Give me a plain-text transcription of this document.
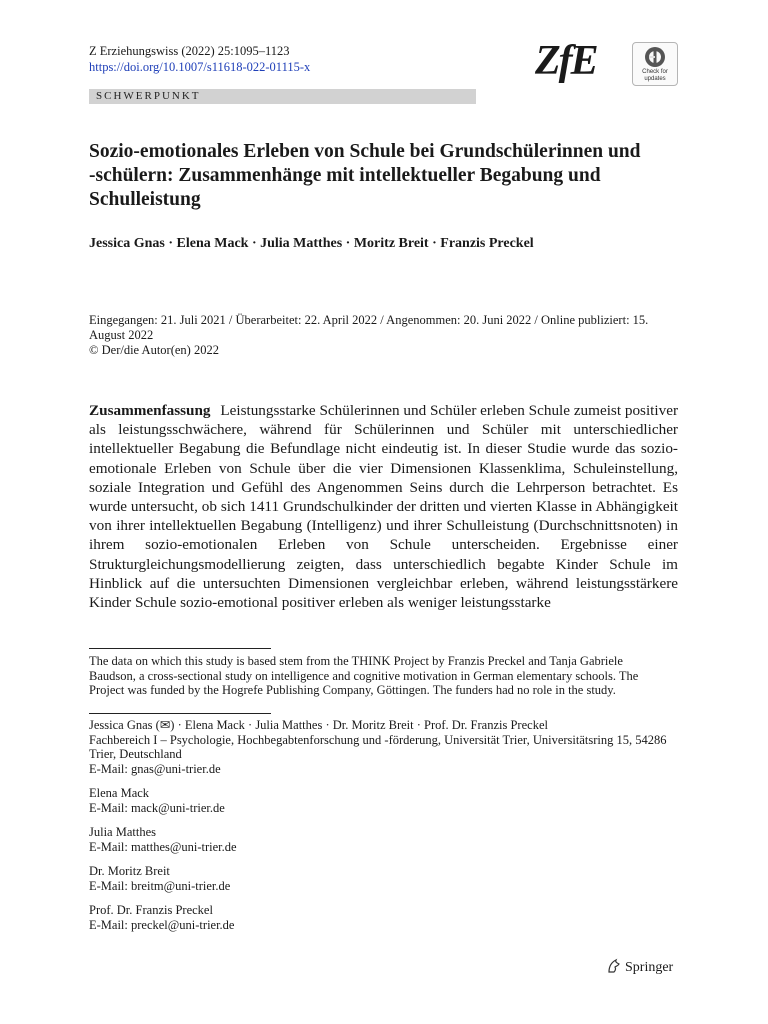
Z Erziehungswiss (2022) 25:1095–1123
https://doi.org/10.1007/s11618-022-01115-x	ZfE	Check for updates
SCHWERPUNKT
Sozio-emotionales Erleben von Schule bei Grundschülerinnen und -schülern: Zusammenhänge mit intellektueller Begabung und Schulleistung
Jessica Gnas · Elena Mack · Julia Matthes · Moritz Breit · Franzis Preckel
Eingegangen: 21. Juli 2021 / Überarbeitet: 22. April 2022 / Angenommen: 20. Juni 2022 / Online publiziert: 15. August 2022
© Der/die Autor(en) 2022
Zusammenfassung Leistungsstarke Schülerinnen und Schüler erleben Schule zumeist positiver als leistungsschwächere, während für Schülerinnen und Schüler mit unterschiedlicher intellektueller Begabung die Befundlage nicht eindeutig ist. In dieser Studie wurde das sozio-emotionale Erleben von Schule über die vier Dimensionen Klassenklima, Schuleinstellung, soziale Integration und Gefühl des Angenommen Seins durch die Lehrperson betrachtet. Es wurde untersucht, ob sich 1411 Grundschulkinder der dritten und vierten Klasse in Abhängigkeit von ihrer intellektuellen Begabung (Intelligenz) und ihrer Schulleistung (Durchschnittsnoten) in ihrem sozio-emotionalen Erleben von Schule unterscheiden. Ergebnisse einer Strukturgleichungsmodellierung zeigten, dass unterschiedlich begabte Kinder Schule im Hinblick auf die untersuchten Dimensionen vergleichbar erleben, während leistungsstärkere Kinder Schule sozio-emotional positiver erleben als weniger leistungsstarke
The data on which this study is based stem from the THINK Project by Franzis Preckel and Tanja Gabriele Baudson, a cross-sectional study on intelligence and cognitive motivation in German elementary schools. The Project was funded by the Hogrefe Publishing Company, Göttingen. The funders had no role in the study.
Jessica Gnas (✉) · Elena Mack · Julia Matthes · Dr. Moritz Breit · Prof. Dr. Franzis Preckel
Fachbereich I – Psychologie, Hochbegabtenforschung und -förderung, Universität Trier, Universitätsring 15, 54286 Trier, Deutschland
E-Mail: gnas@uni-trier.de
Elena Mack
E-Mail: mack@uni-trier.de
Julia Matthes
E-Mail: matthes@uni-trier.de
Dr. Moritz Breit
E-Mail: breitm@uni-trier.de
Prof. Dr. Franzis Preckel
E-Mail: preckel@uni-trier.de
Springer
